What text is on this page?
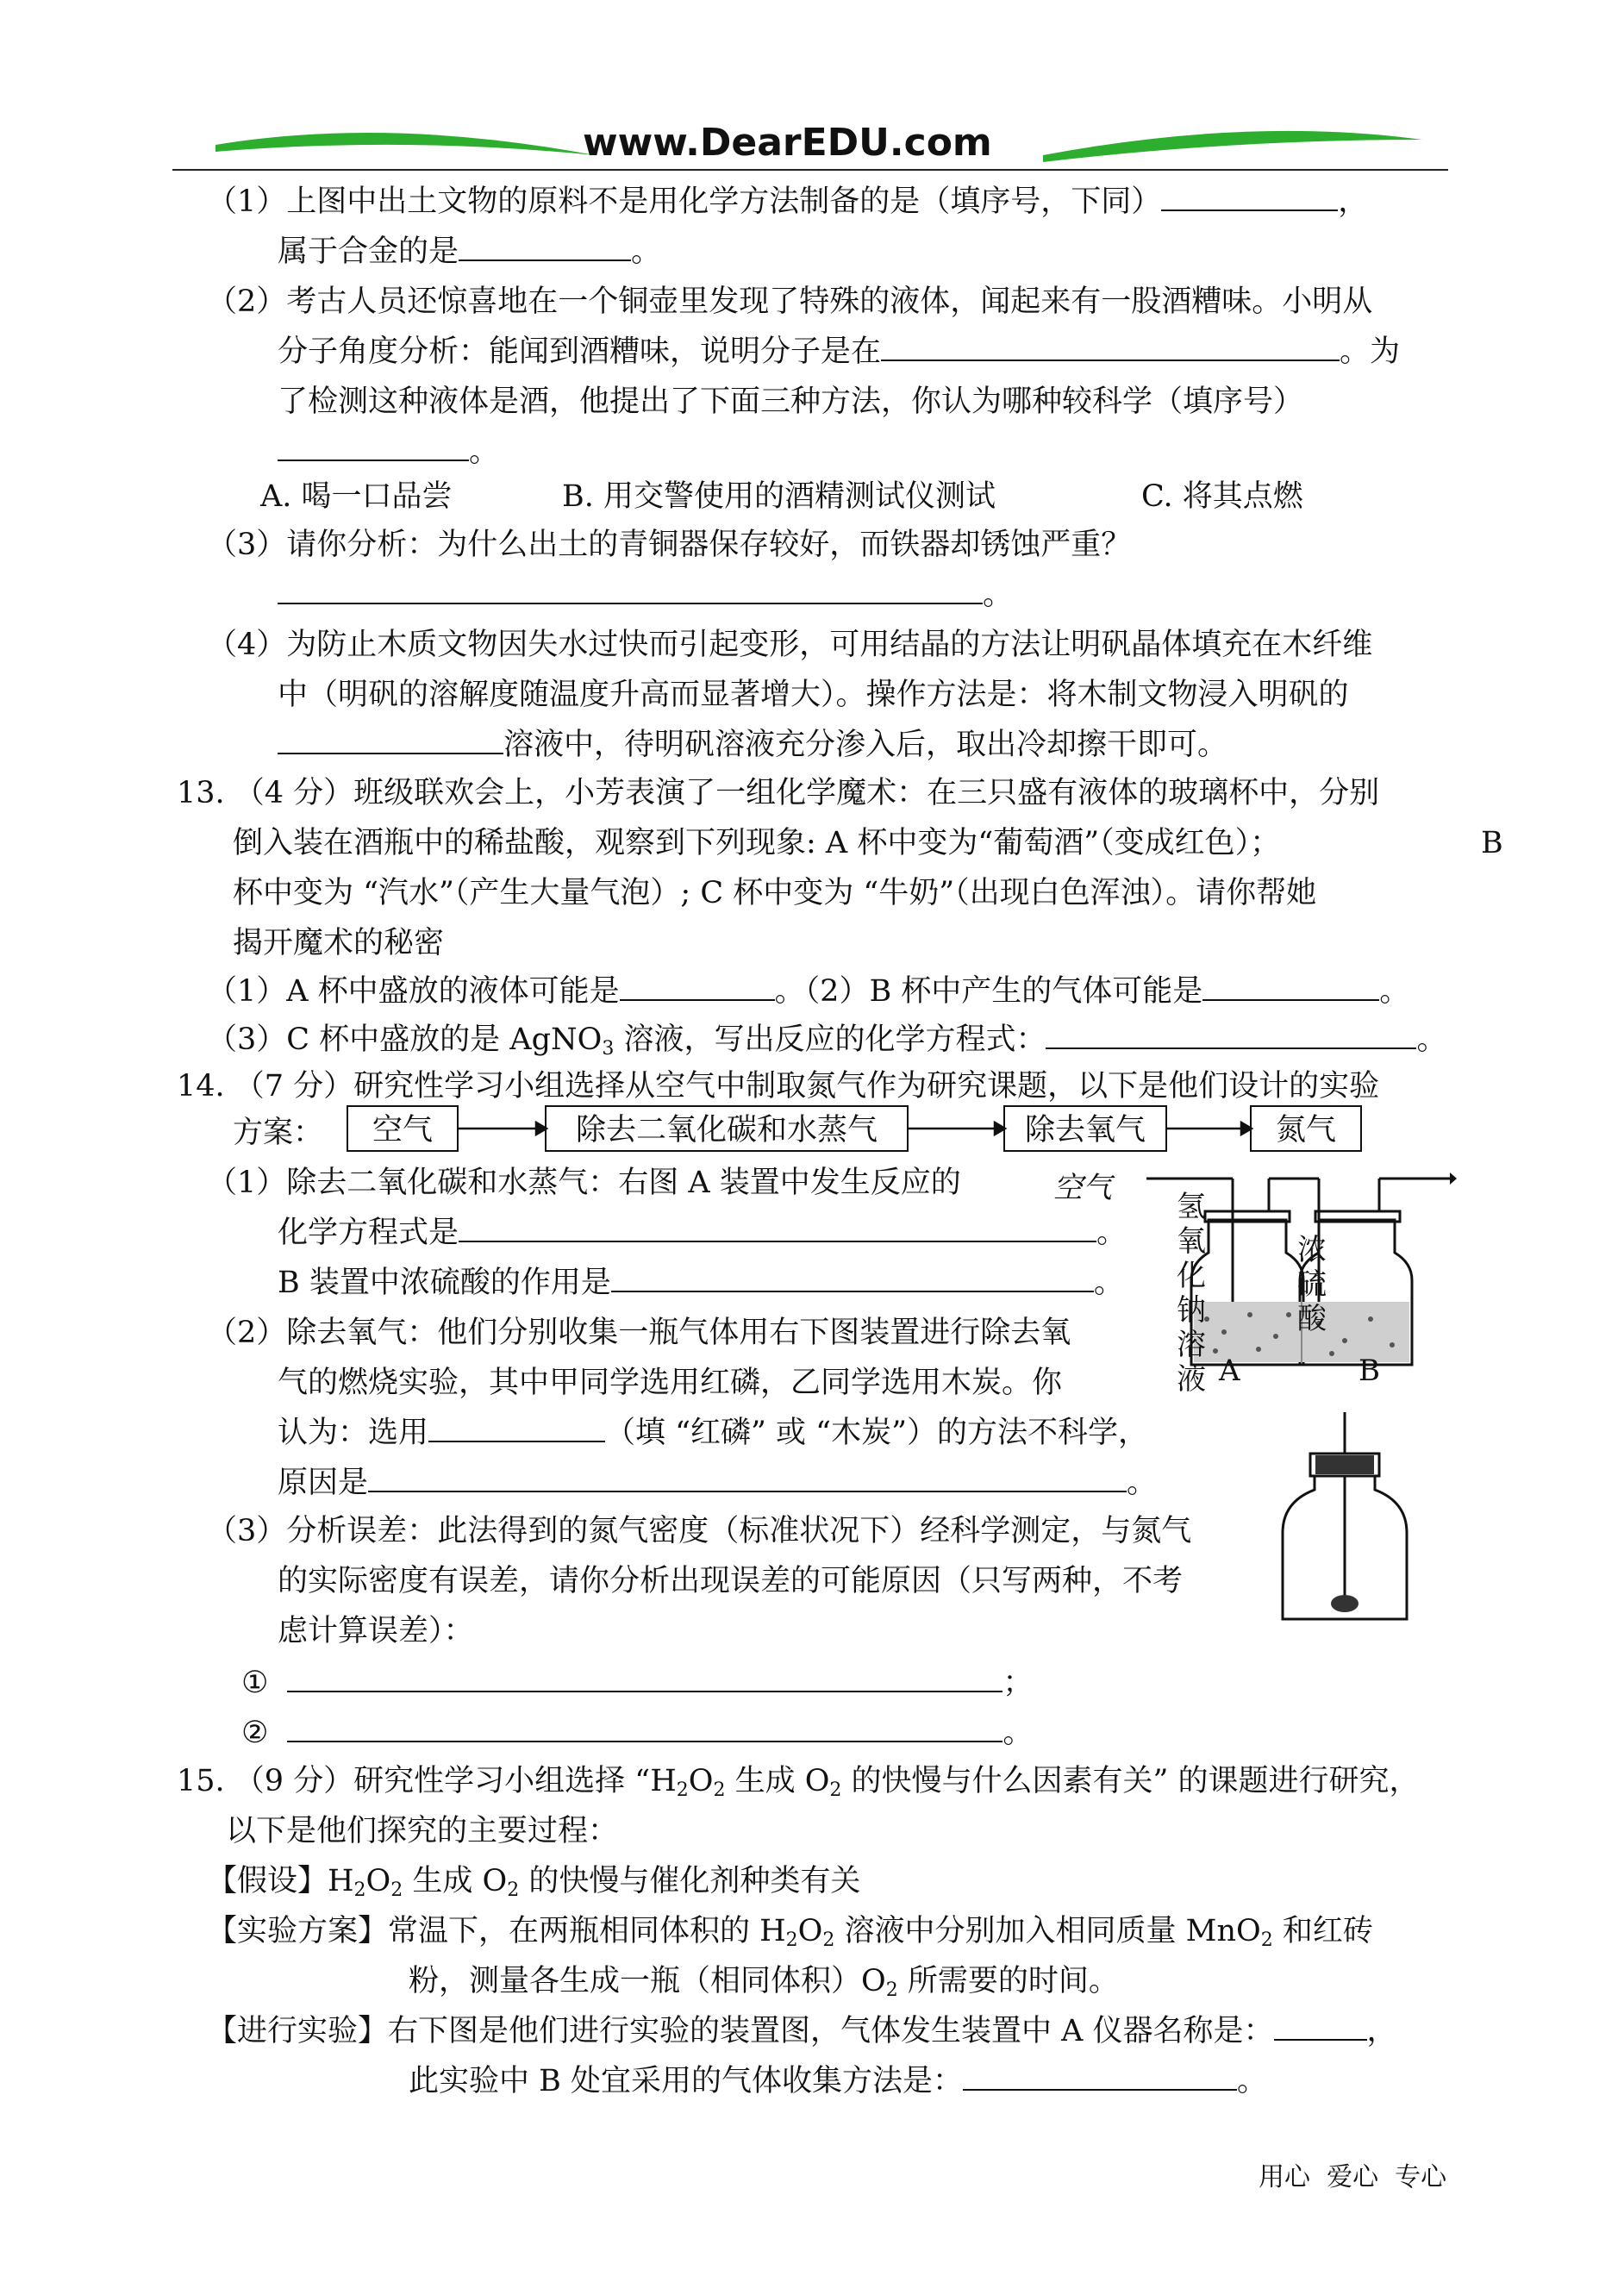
www.DearEDU.com
（1）上图中出土文物的原料不是用化学方法制备的是（填序号，下同）	，
属于合金的是	。
（2）考古人员还惊喜地在一个铜壶里发现了特殊的液体，闻起来有一股酒糟味。小明从
分子角度分析：能闻到酒糟味，说明分子是在	。为
了检测这种液体是酒，他提出了下面三种方法，你认为哪种较科学（填序号）
。
A. 喝一口品尝	B. 用交警使用的酒精测试仪测试	C. 将其点燃
（3）请你分析：为什么出土的青铜器保存较好，而铁器却锈蚀严重？
。
（4）为防止木质文物因失水过快而引起变形，可用结晶的方法让明矾晶体填充在木纤维
中（明矾的溶解度随温度升高而显著增大）。操作方法是：将木制文物浸入明矾的
溶液中，待明矾溶液充分渗入后，取出冷却擦干即可。
13. （4 分）班级联欢会上，小芳表演了一组化学魔术：在三只盛有液体的玻璃杯中，分别
倒入装在酒瓶中的稀盐酸，观察到下列现象: A 杯中变为“葡萄酒”（变成红色）；	B
杯中变为 “汽水”（产生大量气泡）; C 杯中变为 “牛奶”（出现白色浑浊）。请你帮她
揭开魔术的秘密
（1）A 杯中盛放的液体可能是	。（2）B 杯中产生的气体可能是	。
（3）C 杯中盛放的是 AgNO$_3$ 溶液，写出反应的化学方程式：	。
14. （7 分）研究性学习小组选择从空气中制取氮气作为研究课题，以下是他们设计的实验
方案：	空气	除去二氧化碳和水蒸气	除去氧气	氮气
（1）除去二氧化碳和水蒸气：右图 A 装置中发生反应的
化学方程式是	。
B 装置中浓硫酸的作用是	。
（2）除去氧气：他们分别收集一瓶气体用右下图装置进行除去氧
气的燃烧实验，其中甲同学选用红磷，乙同学选用木炭。你
认为：选用	（填 “红磷” 或 “木炭”）的方法不科学，
原因是	。
（3）分析误差：此法得到的氮气密度（标准状况下）经科学测定，与氮气
的实际密度有误差，请你分析出现误差的可能原因（只写两种，不考
虑计算误差）：
①	；
②	。
空气
氢氧化钠溶液
浓硫酸
A	B
15. （9 分）研究性学习小组选择 “$H_2O_2$ 生成 $O_2$ 的快慢与什么因素有关” 的课题进行研究，
以下是他们探究的主要过程：
【假设】$H_2O_2$ 生成 $O_2$ 的快慢与催化剂种类有关
【实验方案】常温下，在两瓶相同体积的 $H_2O_2$ 溶液中分别加入相同质量 MnO$_2$ 和红砖
粉，测量各生成一瓶（相同体积）$O_2$ 所需要的时间。
【进行实验】右下图是他们进行实验的装置图，气体发生装置中 A 仪器名称是：	，
此实验中 B 处宜采用的气体收集方法是：	。
用心  爱心  专心
